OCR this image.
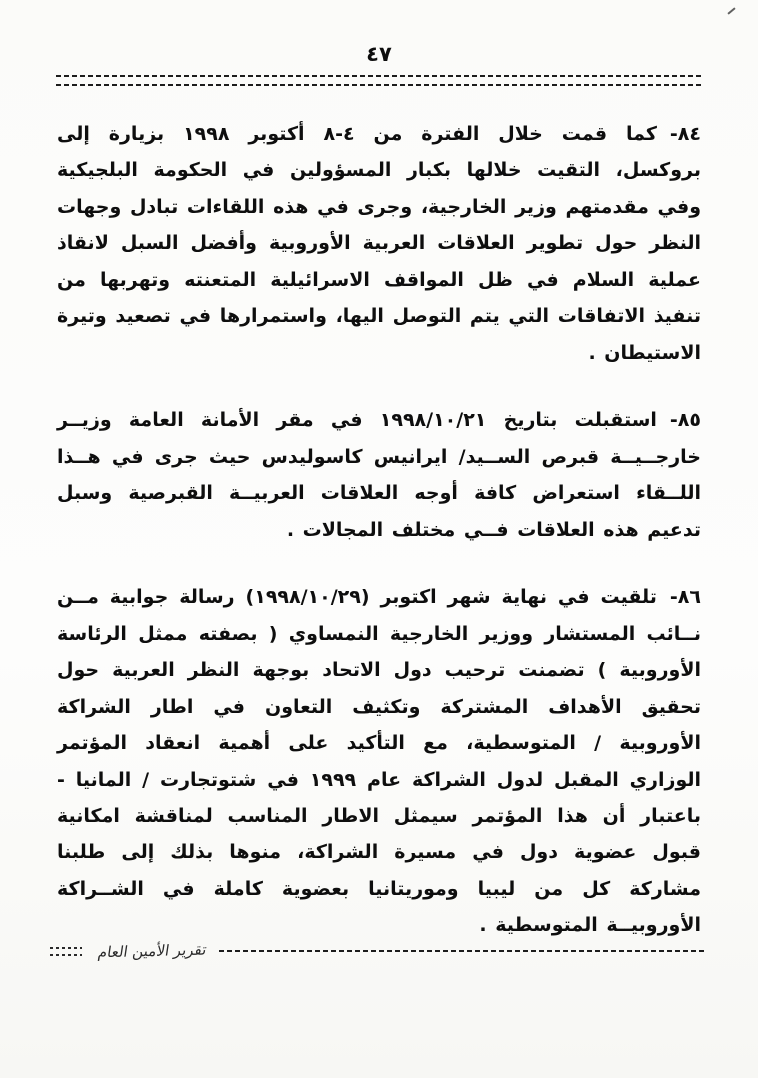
٤٧

٨٤-كما قمت خلال الفترة من ٤-٨ أكتوبر ١٩٩٨ بزيارة إلى بروكسل، التقيت خلالها بكبار المسؤولين في الحكومة البلجيكية وفي مقدمتهم وزير الخارجية، وجرى في هذه اللقاءات تبادل وجهات النظر حول تطوير العلاقات العربية الأوروبية وأفضل السبل لانقاذ عملية السلام في ظل المواقف الاسرائيلية المتعنته وتهربها من تنفيذ الاتفاقات التي يتم التوصل اليها، واستمرارها في تصعيد وتيرة الاستيطان .

٨٥-استقبلت بتاريخ ١٩٩٨/١٠/٢١ في مقر الأمانة العامة وزيــر خارجــيــة قبرص الســيد/ ايرانيس كاسوليدس حيث جرى في هــذا اللــقاء استعراض كافة أوجه العلاقات العربيــة القبرصية وسبل تدعيم هذه العلاقات فــي مختلف المجالات .

٨٦-تلقيت في نهاية شهر اكتوبر (١٩٩٨/١٠/٢٩) رسالة جوابية مــن نــائب المستشار ووزير الخارجية النمساوي ( بصفته ممثل الرئاسة الأوروبية ) تضمنت ترحيب دول الاتحاد بوجهة النظر العربية حول تحقيق الأهداف المشتركة وتكثيف التعاون في اطار الشراكة الأوروبية / المتوسطية، مع التأكيد على أهمية انعقاد المؤتمر الوزاري المقبل لدول الشراكة عام ١٩٩٩ في شتوتجارت / المانيا - باعتبار أن هذا المؤتمر سيمثل الاطار المناسب لمناقشة امكانية قبول عضوية دول في مسيرة الشراكة، منوها بذلك إلى طلبنا مشاركة كل من ليبيا وموريتانيا بعضوية كاملة في الشــراكة الأوروبيــة المتوسطية .

تقرير الأمين العام
